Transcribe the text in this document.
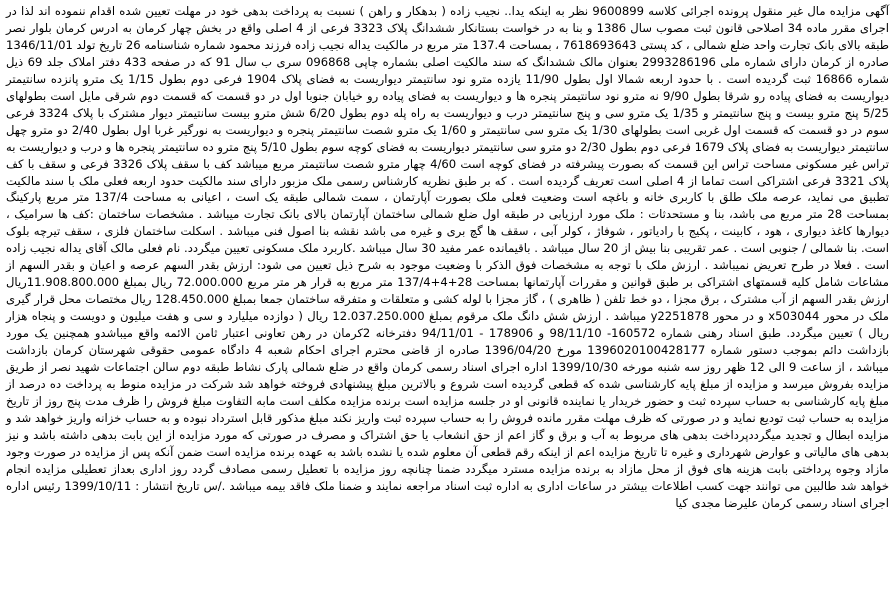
آگهی مزایده مال غیر منقول پرونده اجرائی کلاسه 9600899 نظر به اینکه یدا.. نجیب زاده ( بدهکار و راهن ) نسبت به پرداخت بدهی خود در مهلت تعیین شده اقدام ننموده اند لذا در اجرای مقرر ماده 34 اصلاحی قانون ثبت مصوب سال 1386 و بنا به در خواست بستانکار ششدانگ پلاک 3323 فرعی از 4 اصلی واقع در بخش چهار کرمان به ادرس کرمان بلوار نصر طبقه بالای بانک تجارت واحد ضلع شمالی ، کد پستی 7618693643 ، بمساحت 137.4 متر مربع در مالکیت یداله نجیب زاده فرزند محمود شماره شناسنامه 26 تاریخ تولد 1346/11/01 صادره از کرمان دارای شماره ملی 2993286196 بعنوان مالک ششدانگ که سند مالکیت اصلی بشماره چاپی 096868 سری ب سال 91 که در صفحه 433 دفتر املاک جلد 69 ذیل شماره 16866 ثبت گردیده است . با حدود اربعه شمالا اول بطول 11/90 یازده مترو نود سانتیمتر دیواریست به فضای پلاک 1904 فرعی دوم بطول 1/15 یک مترو پانزده سانتیمتر دیواریست به فضای پیاده رو شرقا بطول 9/90 نه مترو نود سانتیمتر پنجره ها و دیواریست به فضای پیاده رو خیابان جنوبا اول در دو قسمت که قسمت دوم شرقی مایل است بطولهای 5/25 پنج مترو بیست و پنج سانتیمتر و 1/35 یک مترو سی و پنج سانتیمتر درب و دیواریست به راه پله دوم بطول 6/20 شش مترو بیست سانتیمتر دیوار مشترک با پلاک 3324 فرعی سوم در دو قسمت که قسمت اول غربی است بطولهای 1/30 یک مترو سی سانتیمتر و 1/60 یک مترو شصت سانتیمتر پنجره و دیواریست به نورگیر غربا اول بطول 2/40 دو مترو چهل سانتیمتر دیواریست به فضای پلاک 1679 فرعی دوم بطول 2/30 دو مترو سی سانتیمتر دیواریست به فضای کوچه سوم بطول 5/10 پنج مترو ده سانتیمتر پنجره ها و درب و دیواریست به تراس غیر مسکونی مساحت تراس این قسمت که بصورت پیشرفته در فضای کوچه است 4/60 چهار مترو شصت سانتیمتر مربع میباشد کف با سقف پلاک 3326 فرعی و سقف با کف پلاک 3321 فرعی اشتراکی است تماما از 4 اصلی است تعریف گردیده است . که بر طبق نظریه کارشناس رسمی ملک مزبور دارای سند مالکیت حدود اربعه فعلی ملک با سند مالکیت تطبیق می نماید، عرصه ملک طلق با کاربری خانه و باغچه است وضعیت فعلی ملک بصورت آپارتمان ، سمت شمالی طبقه یک است ، اعیانی به مساحت 137/4 متر مربع پارکینگ بمساحت 28 متر مربع می باشد، بنا و مستحدثات : ملک مورد ارزیابی در طبقه اول ضلع شمالی ساختمان آپارتمان بالای بانک تجارت میباشد . مشخصات ساختمان :کف ها سرامیک ، دیوارها کاغذ دیواری ، هود ، کابینت ، پکیج با رادیاتور ، شوفاژ ، کولر آبی ، سقف ها گچ بری و غیره می باشد نقشه بنا اصول فنی میباشد . اسکلت ساختمان فلزی ، سقف تیرچه بلوک است. بنا شمالی / جنوبی است . عمر تقریبی بنا بیش از 20 سال میباشد . باقیمانده عمر مفید 30 سال میباشد .کاربرد ملک مسکونی تعیین میگردد. نام فعلی مالک آقای یداله نجیب زاده است . فعلا در طرح تعریض نمیباشد . ارزش ملک با توجه به مشخصات فوق الذکر با وضعیت موجود به شرح ذیل تعیین می شود: ارزش بقدر السهم عرصه و اعیان و بقدر السهم از مشاعات شامل کلیه قسمتهای اشتراکی بر طبق قوانین و مقررات آپارتمانها بمساحت 28+4+137/4 متر مربع به قرار هر متر مربع 72.000.000 ریال بمبلغ 11.908.800.000ریال ارزش بقدر السهم از آب مشترک ، برق مجزا ، دو خط تلفن ( ظاهری ) ، گاز مجزا با لوله کشی و متعلقات و متفرقه ساختمان جمعا بمبلغ 128.450.000 ریال مختصات محل قرار گیری ملک در محور x503044 و در محور y2251878 میباشد . ارزش شش دانگ ملک مرقوم بمبلغ 12.037.250.000 ریال ( دوازده میلیارد و سی و هفت میلیون و دویست و پنجاه هزار ریال ) تعیین میگردد. طبق اسناد رهنی شماره 160572- 98/11/10 و 178906 - 94/11/01 دفترخانه 2کرمان در رهن تعاونی اعتبار ثامن الائمه واقع میباشدو همچنین یک مورد بازداشت دائم بموجب دستور شماره 1396020100428177 مورخ 1396/04/20 صادره از قاضی محترم اجرای احکام شعبه 4 دادگاه عمومی حقوقی شهرستان کرمان بازداشت میباشد ، از ساعت 9 الی 12 ظهر روز سه شنبه مورخه 1399/10/30 اداره اجرای اسناد رسمی کرمان واقع در ضلع شمالی پارک نشاط طبقه دوم سالن اجتماعات شهید نصر از طریق مزایده بفروش میرسد و مزایده از مبلغ پایه کارشناسی شده که قطعی گردیده است شروع و بالاترین مبلغ پیشنهادی فروخته خواهد شد شرکت در مزایده منوط به پرداخت ده درصد از مبلغ پایه کارشناسی به حساب سپرده ثبت و حضور خریدار یا نماینده قانونی او در جلسه مزایده است برنده مزایده مکلف است مابه التفاوت مبلغ فروش را ظرف مدت پنج روز از تاریخ مزایده به حساب ثبت تودیع نماید و در صورتی که ظرف مهلت مقرر مانده فروش را به حساب سپرده ثبت واریز نکند مبلغ مذکور قابل استرداد نبوده و به حساب خزانه واریز خواهد شد و مزایده ابطال و تجدید میگرددپرداخت بدهی های مربوط به آب و برق و گاز اعم از حق انشعاب یا حق اشتراک و مصرف در صورتی که مورد مزایده از این بابت بدهی داشته باشد و نیز بدهی های مالیاتی و عوارض شهرداری و غیره تا تاریخ مزایده اعم از اینکه رقم قطعی آن معلوم شده یا نشده باشد به عهده برنده مزایده است ضمن آنکه پس از مزایده در صورت وجود مازاد وجوه پرداختی بابت هزینه های فوق از محل مازاد به برنده مزایده مسترد میگردد ضمنا چنانچه روز مزایده با تعطیل رسمی مصادف گردد روز اداری بعداز تعطیلی مزایده انجام خواهد شد طالبین می توانند جهت کسب اطلاعات بیشتر در ساعات اداری به اداره ثبت اسناد مراجعه نمایند و ضمنا ملک فاقد بیمه میباشد ./س تاریخ انتشار : 1399/10/11 رئیس اداره اجرای اسناد رسمی کرمان علیرضا مجدی کیا
